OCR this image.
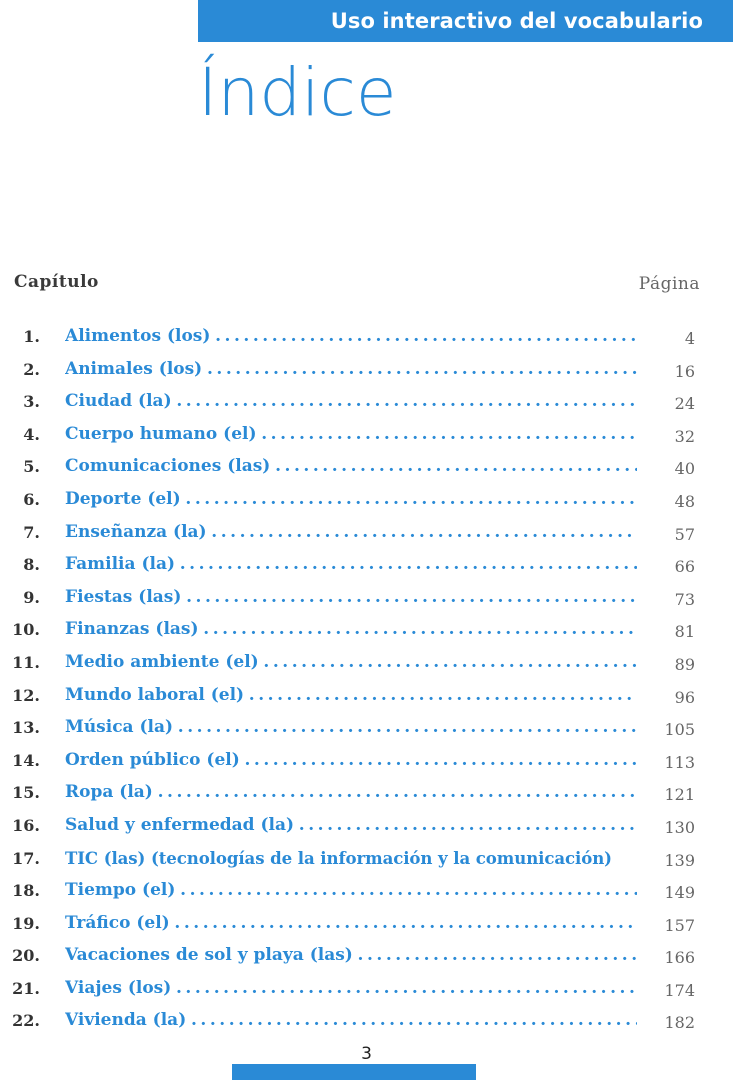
Uso interactivo del vocabulario
Índice
Capítulo	Página
1. Alimentos (los) . . .	4
2. Animales (los) . . .	16
3. Ciudad (la) . . .	24
4. Cuerpo humano (el) . . .	32
5. Comunicaciones (las) . . .	40
6. Deporte (el) . . .	48
7. Enseñanza (la) . . .	57
8. Familia (la) . . .	66
9. Fiestas (las) . . .	73
10. Finanzas (las) . . .	81
11. Medio ambiente (el) . . .	89
12. Mundo laboral (el) . . .	96
13. Música (la) . . .	105
14. Orden público (el) . . .	113
15. Ropa (la) . . .	121
16. Salud y enfermedad (la) . . .	130
17. TIC (las) (tecnologías de la información y la comunicación)	139
18. Tiempo (el) . . .	149
19. Tráfico (el) . . .	157
20. Vacaciones de sol y playa (las) . . .	166
21. Viajes (los) . . .	174
22. Vivienda (la) . . .	182
3
